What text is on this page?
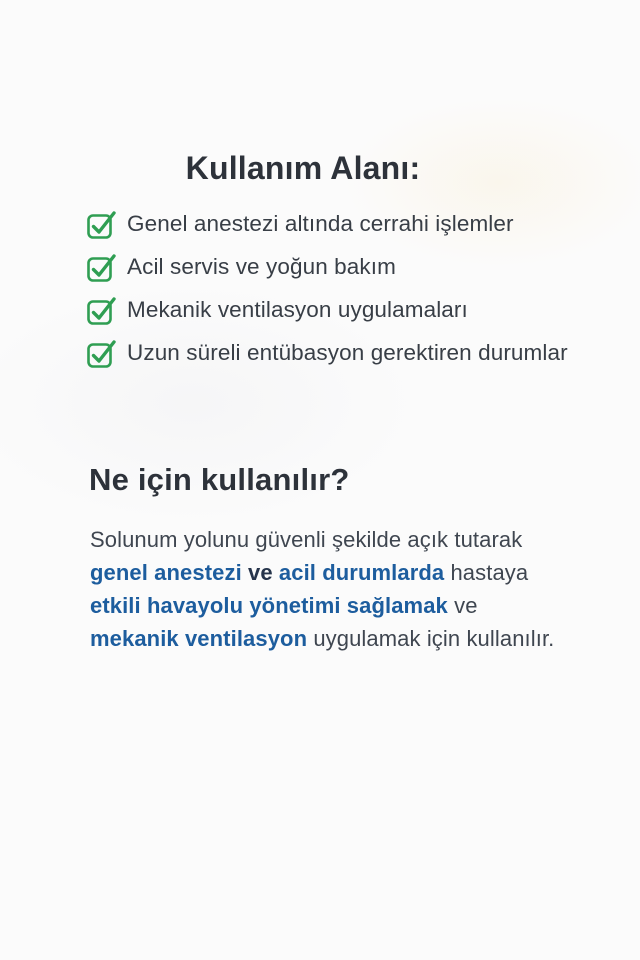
Kullanım Alanı:
Genel anestezi altında cerrahi işlemler
Acil servis ve yoğun bakım
Mekanik ventilasyon uygulamaları
Uzun süreli entübasyon gerektiren durumlar
Ne için kullanılır?

Solunum yolunu güvenli şekilde açık tutarak

genel anestezi ve acil durumlarda hastaya

etkili havayolu yönetimi sağlamak ve

mekanik ventilasyon uygulamak için kullanılır.
